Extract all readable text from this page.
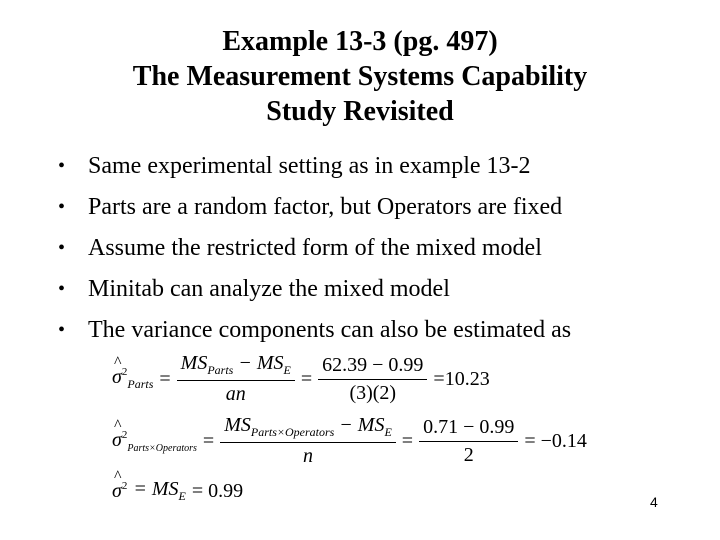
Example 13-3 (pg. 497)
The Measurement Systems Capability
Study Revisited
• Same experimental setting as in example 13-2
• Parts are a random factor, but Operators are fixed
• Assume the restricted form of the mixed model
• Minitab can analyze the mixed model
• The variance components can also be estimated as
^ $\sigma^2_{Parts} = \frac{MS_{Parts} - MS_E}{an} = \frac{62.39 - 0.99}{(3)(2)} =10.23$
^ $\sigma^2_{Parts\times Operators} = \frac{MS_{Parts\times Operators} - MS_E}{n} = \frac{0.71 - 0.99}{2} = -0.14$
^ $\sigma^2 = MS_E = 0.99$
4
